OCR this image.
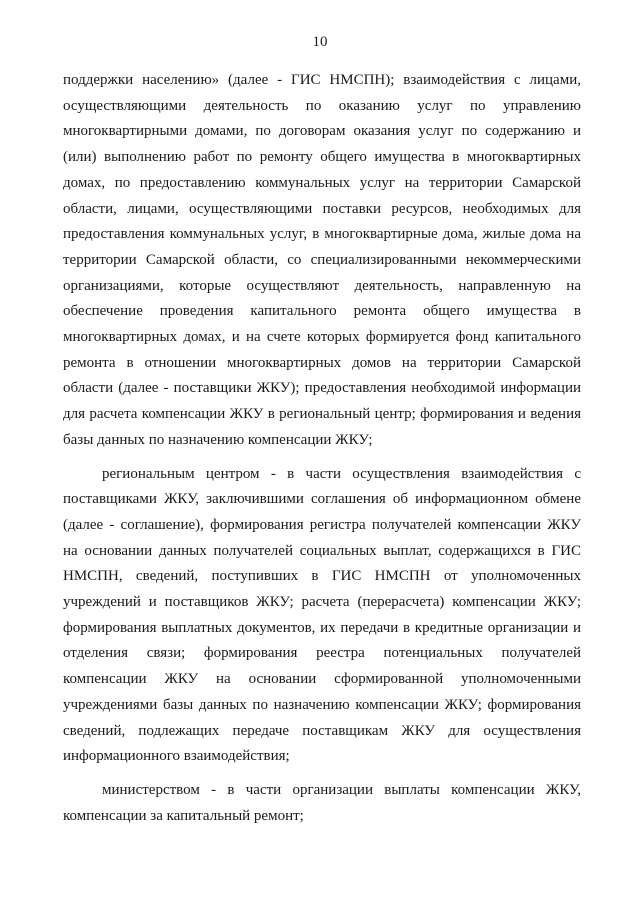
10

поддержки населению» (далее - ГИС НМСПН); взаимодействия с лицами, осуществляющими деятельность по оказанию услуг по управлению многоквартирными домами, по договорам оказания услуг по содержанию и (или) выполнению работ по ремонту общего имущества в многоквартирных домах, по предоставлению коммунальных услуг на территории Самарской области, лицами, осуществляющими поставки ресурсов, необходимых для предоставления коммунальных услуг, в многоквартирные дома, жилые дома на территории Самарской области, со специализированными некоммерческими организациями, которые осуществляют деятельность, направленную на обеспечение проведения капитального ремонта общего имущества в многоквартирных домах, и на счете которых формируется фонд капитального ремонта в отношении многоквартирных домов на территории Самарской области (далее - поставщики ЖКУ); предоставления необходимой информации для расчета компенсации ЖКУ в региональный центр; формирования и ведения базы данных по назначению компенсации ЖКУ;

региональным центром - в части осуществления взаимодействия с поставщиками ЖКУ, заключившими соглашения об информационном обмене (далее - соглашение), формирования регистра получателей компенсации ЖКУ на основании данных получателей социальных выплат, содержащихся в ГИС НМСПН, сведений, поступивших в ГИС НМСПН от уполномоченных учреждений и поставщиков ЖКУ; расчета (перерасчета) компенсации ЖКУ; формирования выплатных документов, их передачи в кредитные организации и отделения связи; формирования реестра потенциальных получателей компенсации ЖКУ на основании сформированной уполномоченными учреждениями базы данных по назначению компенсации ЖКУ; формирования сведений, подлежащих передаче поставщикам ЖКУ для осуществления информационного взаимодействия;

министерством - в части организации выплаты компенсации ЖКУ, компенсации за капитальный ремонт;
